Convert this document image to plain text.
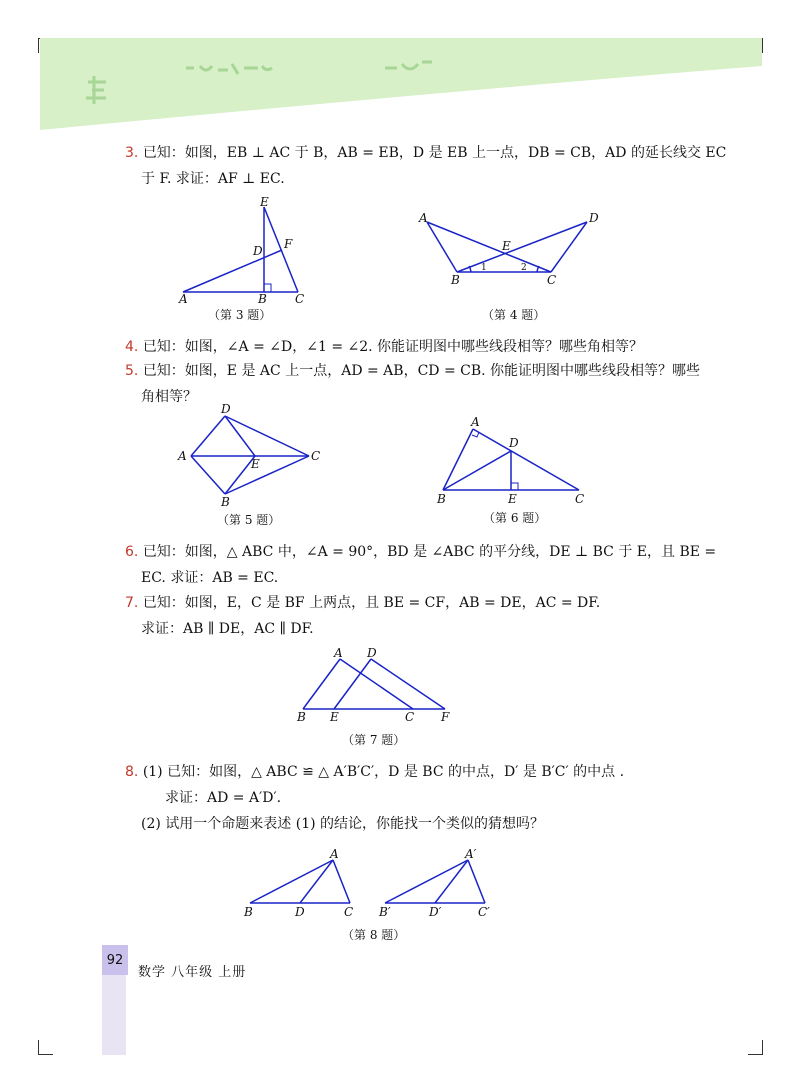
3. 已知：如图，EB ⊥ AC 于 B，AB = EB，D 是 EB 上一点，DB = CB，AD 的延长线交 EC
于 F. 求证：AF ⊥ EC.
E
D F
A	B C
（第 3 题）
A	D
E
B	C
1	2
（第 4 题）
4. 已知：如图，∠A = ∠D，∠1 = ∠2. 你能证明图中哪些线段相等？哪些角相等？
5. 已知：如图，E 是 AC 上一点，AD = AB，CD = CB. 你能证明图中哪些线段相等？哪些
角相等？
D
A
E
C
B
（第 5 题）
A
D
B	E	C
（第 6 题）
6. 已知：如图，△ ABC 中，∠A = 90°，BD 是 ∠ABC 的平分线，DE ⊥ BC 于 E，且 BE =
EC. 求证：AB = EC.
7. 已知：如图，E，C 是 BF 上两点，且 BE = CF，AB = DE，AC = DF.
求证：AB ∥ DE，AC ∥ DF.
A D
B E	C F
（第 7 题）
8. (1) 已知：如图，△ ABC ≌ △ A′B′C′，D 是 BC 的中点，D′ 是 B′C′ 的中点 .
求证：AD = A′D′.
(2) 试用一个命题来表述 (1) 的结论，你能找一个类似的猜想吗？
A
B	D	C
A′
B′	D′	C′
（第 8 题）
92
数学 八年级 上册
